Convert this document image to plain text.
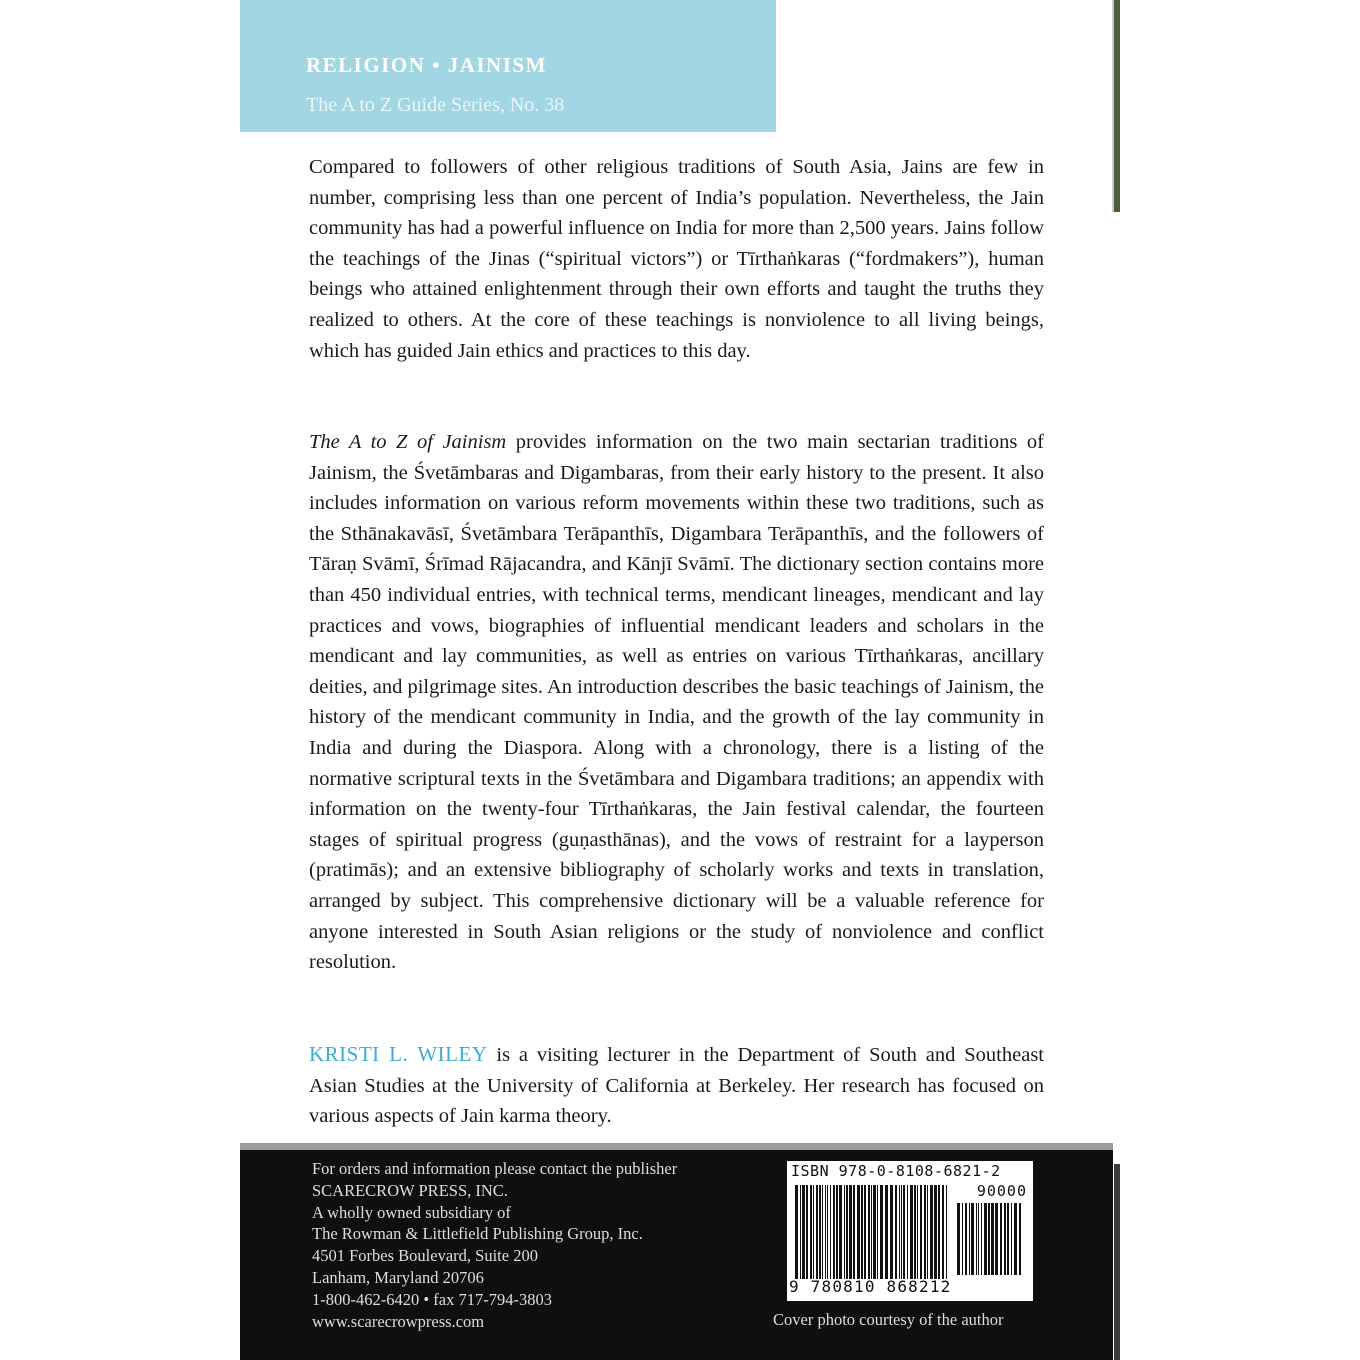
RELIGION • JAINISM
The A to Z Guide Series, No. 38

Compared to followers of other religious traditions of South Asia, Jains are few in number, comprising less than one percent of India’s population. Nevertheless, the Jain community has had a powerful influence on India for more than 2,500 years. Jains follow the teachings of the Jinas (“spiritual victors”) or Tīrthaṅkaras (“fordmakers”), human beings who attained enlightenment through their own efforts and taught the truths they realized to others. At the core of these teachings is nonviolence to all living beings, which has guided Jain ethics and practices to this day.

The A to Z of Jainism provides information on the two main sectarian traditions of Jainism, the Śvetāmbaras and Digambaras, from their early history to the present. It also includes information on various reform movements within these two traditions, such as the Sthānakavāsī, Śvetāmbara Terāpanthīs, Digambara Terāpanthīs, and the followers of Tāraṇ Svāmī, Śrīmad Rājacandra, and Kānjī Svāmī. The dictionary section contains more than 450 individual entries, with technical terms, mendicant lineages, mendicant and lay practices and vows, biographies of influential mendicant leaders and scholars in the mendicant and lay communities, as well as entries on various Tīrthaṅkaras, ancillary deities, and pilgrimage sites. An introduction describes the basic teachings of Jainism, the history of the mendicant community in India, and the growth of the lay community in India and during the Diaspora. Along with a chronology, there is a listing of the normative scriptural texts in the Śvetāmbara and Digambara traditions; an appendix with information on the twenty-four Tīrthaṅkaras, the Jain festival calendar, the fourteen stages of spiritual progress (guṇasthānas), and the vows of restraint for a layperson (pratimās); and an extensive bibliography of scholarly works and texts in translation, arranged by subject. This comprehensive dictionary will be a valuable reference for anyone interested in South Asian religions or the study of nonviolence and conflict resolution.

KRISTI L. WILEY is a visiting lecturer in the Department of South and Southeast Asian Studies at the University of California at Berkeley. Her research has focused on various aspects of Jain karma theory.

For orders and information please contact the publisher
SCARECROW PRESS, INC.
A wholly owned subsidiary of
The Rowman & Littlefield Publishing Group, Inc.
4501 Forbes Boulevard, Suite 200
Lanham, Maryland 20706
1-800-462-6420 • fax 717-794-3803
www.scarecrowpress.com
ISBN 978-0-8108-6821-2
90000
9 780810 868212
Cover photo courtesy of the author
